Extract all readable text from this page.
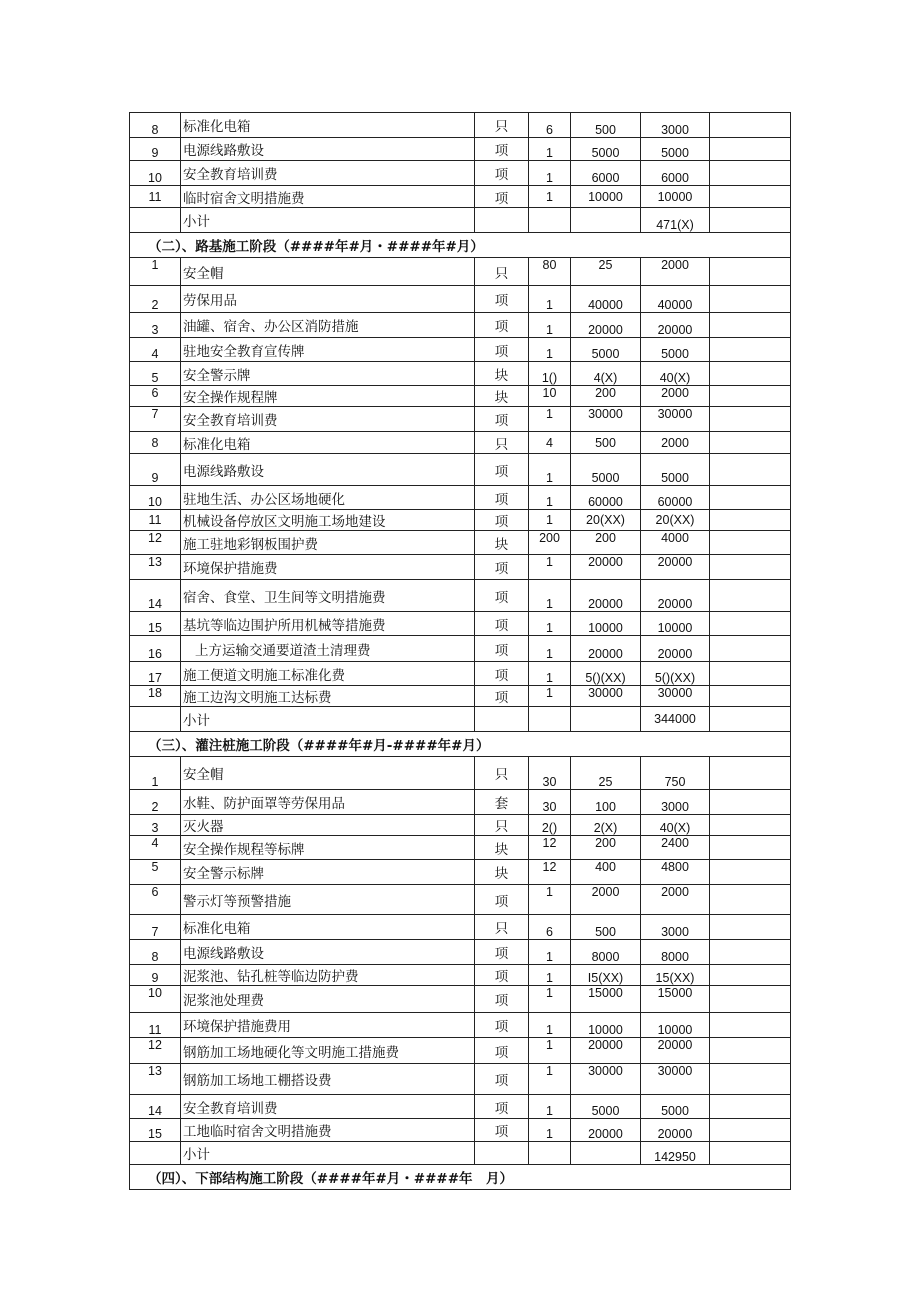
8	标准化电箱	只	6	500	3000	
9	电源线路敷设	项	1	5000	5000	
10	安全教育培训费	项	1	6000	6000	
11	临时宿舍文明措施费	项	1	10000	10000	
	小计				471(X)	
（二）、路基施工阶段（####年#月・####年#月）						
1	安全帽	只	80	25	2000	
2	劳保用品	项	1	40000	40000	
3	油罐、宿舍、办公区消防措施	项	1	20000	20000	
4	驻地安全教育宣传牌	项	1	5000	5000	
5	安全警示牌	块	1()	4(X)	40(X)	
6	安全操作规程牌	块	10	200	2000	
7	安全教育培训费	项	1	30000	30000	
8	标准化电箱	只	4	500	2000	
9	电源线路敷设	项	1	5000	5000	
10	驻地生活、办公区场地硬化	项	1	60000	60000	
11	机械设备停放区文明施工场地建设	项	1	20(XX)	20(XX)	
12	施工驻地彩钢板围护费	块	200	200	4000	
13	环境保护措施费	项	1	20000	20000	
14	宿舍、食堂、卫生间等文明措施费	项	1	20000	20000	
15	基坑等临边围护所用机械等措施费	项	1	10000	10000	
16	上方运输交通要道渣土清理费	项	1	20000	20000	
17	施工便道文明施工标准化费	项	1	5()(XX)	5()(XX)	
18	施工边沟文明施工达标费	项	1	30000	30000	
	小计				344000	
（三）、灌注桩施工阶段（####年#月-####年#月）						
1	安全帽	只	30	25	750	
2	水鞋、防护面罩等劳保用品	套	30	100	3000	
3	灭火器	只	2()	2(X)	40(X)	
4	安全操作规程等标牌	块	12	200	2400	
5	安全警示标牌	块	12	400	4800	
6	警示灯等预警措施	项	1	2000	2000	
7	标准化电箱	只	6	500	3000	
8	电源线路敷设	项	1	8000	8000	
9	泥浆池、钻孔桩等临边防护费	项	1	I5(XX)	15(XX)	
10	泥浆池处理费	项	1	15000	15000	
11	环境保护措施费用	项	1	10000	10000	
12	钢筋加工场地硬化等文明施工措施费	项	1	20000	20000	
13	钢筋加工场地工棚搭设费	项	1	30000	30000	
14	安全教育培训费	项	1	5000	5000	
15	工地临时宿舍文明措施费	项	1	20000	20000	
	小计				142950	
（四）、下部结构施工阶段（####年#月・####年　月）						
